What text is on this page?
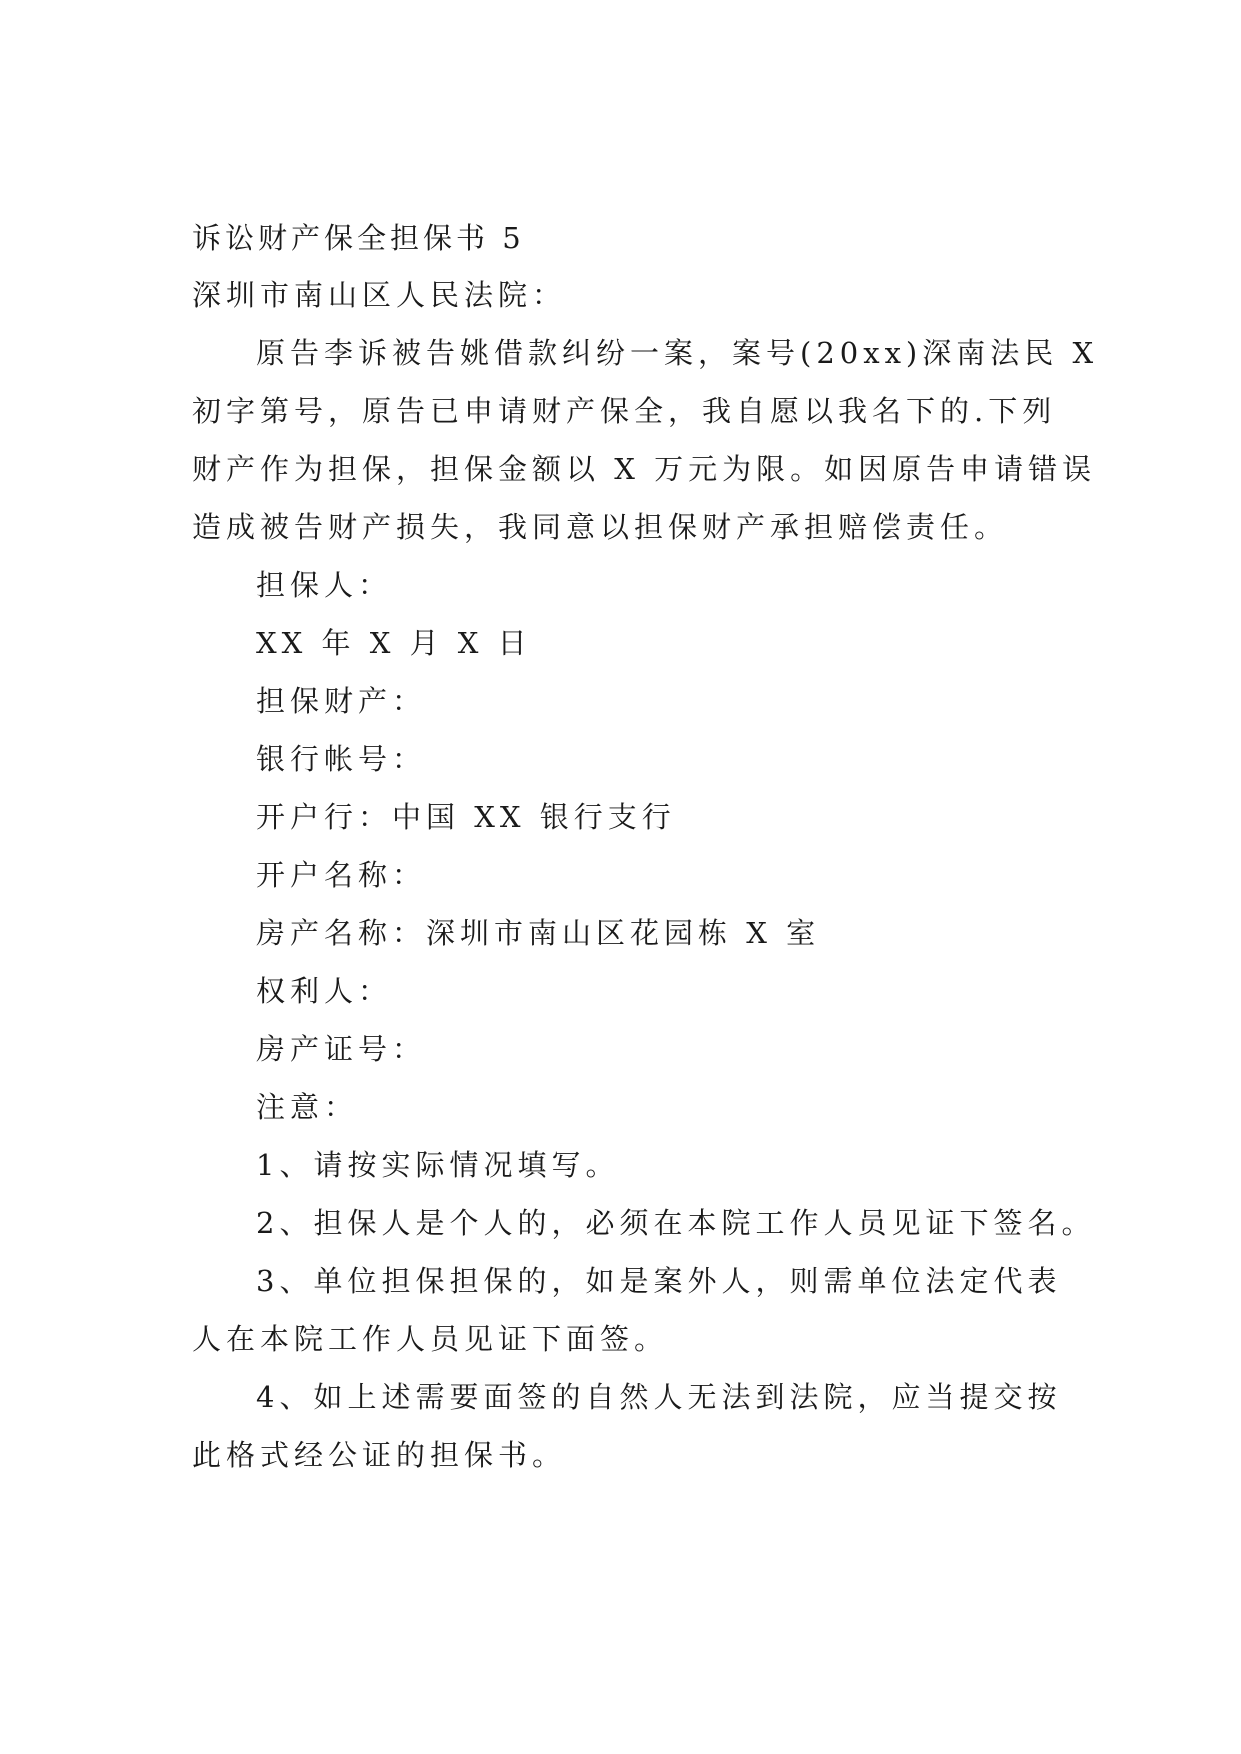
诉讼财产保全担保书 5

深圳市南山区人民法院：

原告李诉被告姚借款纠纷一案，案号(20xx)深南法民 X
初字第号，原告已申请财产保全，我自愿以我名下的.下列
财产作为担保，担保金额以 X 万元为限。如因原告申请错误
造成被告财产损失，我同意以担保财产承担赔偿责任。

担保人：

XX 年 X 月 X 日

担保财产：

银行帐号：

开户行：中国 XX 银行支行

开户名称：

房产名称：深圳市南山区花园栋 X 室

权利人：

房产证号：

注意：

1、请按实际情况填写。
2、担保人是个人的，必须在本院工作人员见证下签名。
3、单位担保担保的，如是案外人，则需单位法定代表
人在本院工作人员见证下面签。
4、如上述需要面签的自然人无法到法院，应当提交按
此格式经公证的担保书。
